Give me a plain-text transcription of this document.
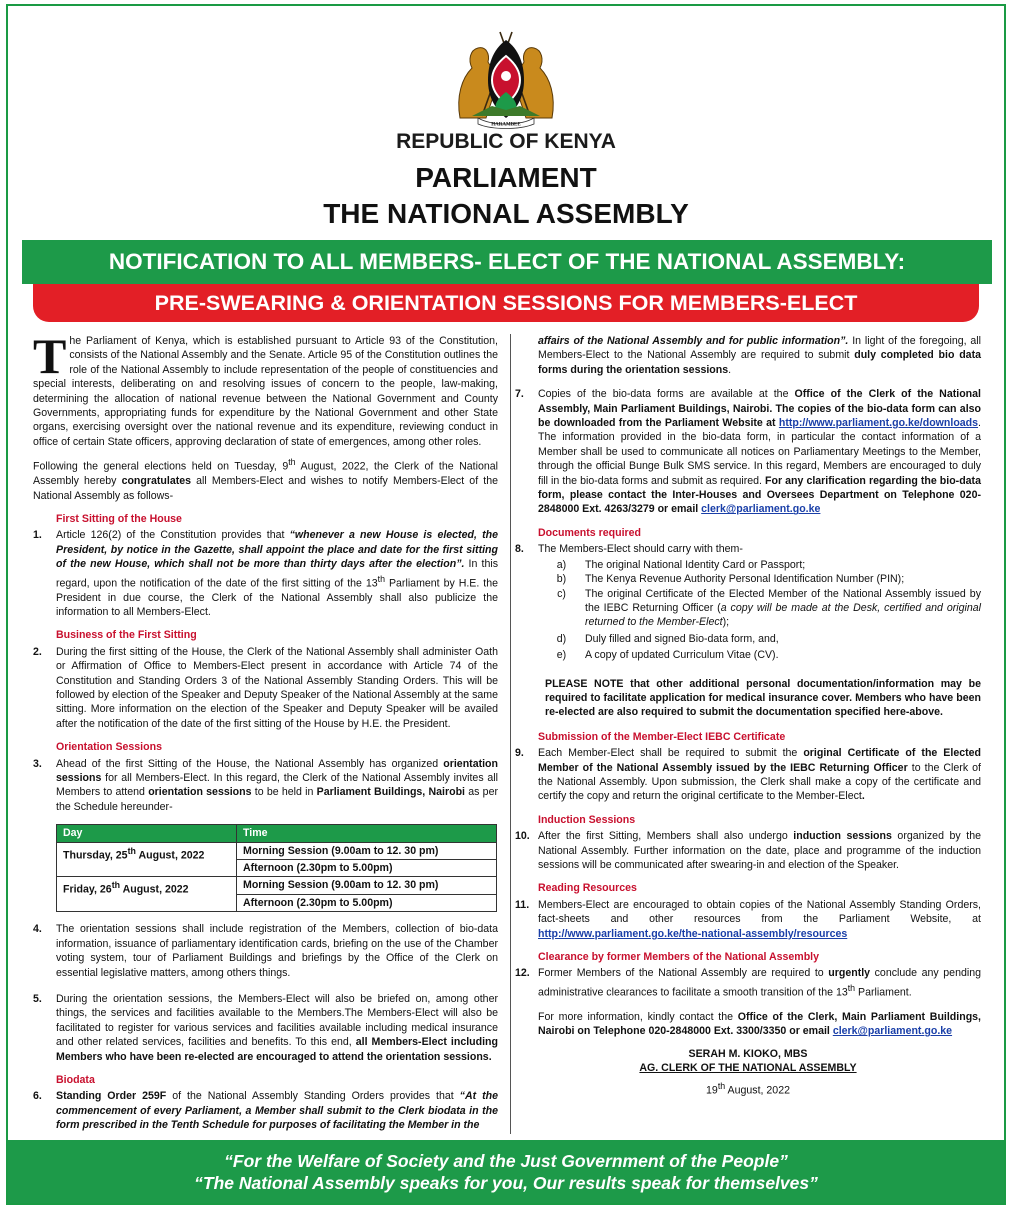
HARAMBEE
REPUBLIC OF KENYA
PARLIAMENT
THE NATIONAL ASSEMBLY
NOTIFICATION TO ALL MEMBERS- ELECT OF THE NATIONAL ASSEMBLY:
PRE-SWEARING & ORIENTATION SESSIONS FOR MEMBERS-ELECT

The Parliament of Kenya, which is established pursuant to Article 93 of the Constitution, consists of the National Assembly and the Senate. Article 95 of the Constitution outlines the role of the National Assembly to include representation of the people of constituencies and special interests, deliberating on and resolving issues of concern to the people, law-making, determining the allocation of national revenue between the National Government and County Governments, appropriating funds for expenditure by the National Government and other State organs, exercising oversight over the national revenue and its expenditure, reviewing conduct in office of certain State officers, approving declaration of state of emergences, among other roles.

Following the general elections held on Tuesday, 9th August, 2022, the Clerk of the National Assembly hereby congratulates all Members-Elect and wishes to notify Members-Elect of the National Assembly as follows-

First Sitting of the House
1.	Article 126(2) of the Constitution provides that “whenever a new House is elected, the President, by notice in the Gazette, shall appoint the place and date for the first sitting of the new House, which shall not be more than thirty days after the election”. In this regard, upon the notification of the date of the first sitting of the 13th Parliament by H.E. the President in due course, the Clerk of the National Assembly shall also publicize the information to all Members-Elect.
Business of the First Sitting
2.	During the first sitting of the House, the Clerk of the National Assembly shall administer Oath or Affirmation of Office to Members-Elect present in accordance with Article 74 of the Constitution and Standing Orders 3 of the National Assembly Standing Orders. This will be followed by election of the Speaker and Deputy Speaker of the National Assembly at the same sitting. More information on the election of the Speaker and Deputy Speaker will be availed after the notification of the date of the first sitting of the House by H.E. the President.
Orientation Sessions
3.	Ahead of the first Sitting of the House, the National Assembly has organized orientation sessions for all Members-Elect. In this regard, the Clerk of the National Assembly invites all Members to attend orientation sessions to be held in Parliament Buildings, Nairobi as per the Schedule hereunder-
Day	Time
Thursday, 25th August, 2022	Morning Session (9.00am to 12. 30 pm)
	Afternoon (2.30pm to 5.00pm)
Friday, 26th August, 2022	Morning Session (9.00am to 12. 30 pm)
	Afternoon (2.30pm to 5.00pm)
4.	The orientation sessions shall include registration of the Members, collection of bio-data information, issuance of parliamentary identification cards, briefing on the use of the Chamber voting system, tour of Parliament Buildings and briefings by the Office of the Clerk on essential legislative matters, among others things.
5.	During the orientation sessions, the Members-Elect will also be briefed on, among other things, the services and facilities available to the Members.The Members-Elect will also be facilitated to register for various services and facilities available including medical insurance and other related services, facilities and benefits. To this end, all Members-Elect including Members who have been re-elected are encouraged to attend the orientation sessions.
Biodata
6.	Standing Order 259F of the National Assembly Standing Orders provides that “At the commencement of every Parliament, a Member shall submit to the Clerk biodata in the form prescribed in the Tenth Schedule for purposes of facilitating the Member in the
affairs of the National Assembly and for public information”. In light of the foregoing, all Members-Elect to the National Assembly are required to submit duly completed bio data forms during the orientation sessions.
7.	Copies of the bio-data forms are available at the Office of the Clerk of the National Assembly, Main Parliament Buildings, Nairobi. The copies of the bio-data form can also be downloaded from the Parliament Website at http://www.parliament.go.ke/downloads. The information provided in the bio-data form, in particular the contact information of a Member shall be used to communicate all notices on Parliamentary Meetings to the Member, through the official Bunge Bulk SMS service. In this regard, Members are encouraged to duly fill in the bio-data forms and submit as required. For any clarification regarding the bio-data form, please contact the Inter-Houses and Oversees Department on Telephone 020-2848000 Ext. 4263/3279 or email clerk@parliament.go.ke
Documents required
8.	The Members-Elect should carry with them-
a)	The original National Identity Card or Passport;
b)	The Kenya Revenue Authority Personal Identification Number (PIN);
c)	The original Certificate of the Elected Member of the National Assembly issued by the IEBC Returning Officer (a copy will be made at the Desk, certified and original returned to the Member-Elect);
d)	Duly filled and signed Bio-data form, and,
e)	A copy of updated Curriculum Vitae (CV).
PLEASE NOTE that other additional personal documentation/information may be required to facilitate application for medical insurance cover. Members who have been re-elected are also required to submit the documentation specified here-above.
Submission of the Member-Elect IEBC Certificate
9.	Each Member-Elect shall be required to submit the original Certificate of the Elected Member of the National Assembly issued by the IEBC Returning Officer to the Clerk of the National Assembly. Upon submission, the Clerk shall make a copy of the certificate and certify the copy and return the original certificate to the Member-Elect.
Induction Sessions
10. After the first Sitting, Members shall also undergo induction sessions organized by the National Assembly. Further information on the date, place and programme of the induction sessions will be communicated after swearing-in and election of the Speaker.
Reading Resources
11. Members-Elect are encouraged to obtain copies of the National Assembly Standing Orders, fact-sheets and other resources from the Parliament Website, at http://www.parliament.go.ke/the-national-assembly/resources
Clearance by former Members of the National Assembly
12. Former Members of the National Assembly are required to urgently conclude any pending administrative clearances to facilitate a smooth transition of the 13th Parliament.
For more information, kindly contact the Office of the Clerk, Main Parliament Buildings, Nairobi on Telephone 020-2848000 Ext. 3300/3350 or email clerk@parliament.go.ke
SERAH M. KIOKO, MBS
AG. CLERK OF THE NATIONAL ASSEMBLY
19th August, 2022
“For the Welfare of Society and the Just Government of the People”
“The National Assembly speaks for you, Our results speak for themselves”
